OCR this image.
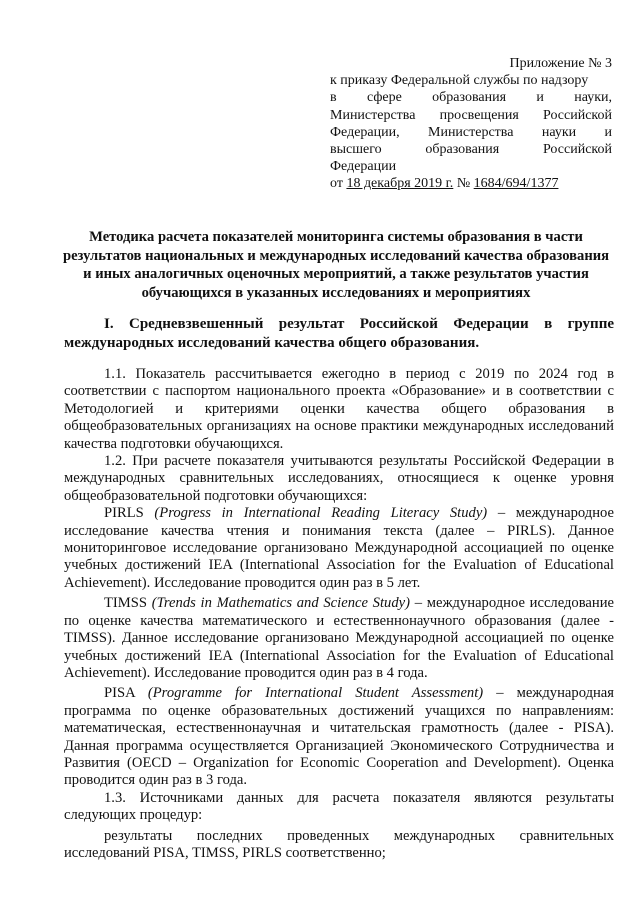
Приложение № 3
к приказу Федеральной службы по надзору
в сфере образования и науки,
Министерства просвещения Российской
Федерации, Министерства науки и
высшего образования Российской
Федерации
от 18 декабря 2019 г. № 1684/694/1377
Методика расчета показателей мониторинга системы образования в части результатов национальных и международных исследований качества образования и иных аналогичных оценочных мероприятий, а также результатов участия обучающихся в указанных исследованиях и мероприятиях
I. Средневзвешенный результат Российской Федерации в группе международных исследований качества общего образования.

1.1. Показатель рассчитывается ежегодно в период с 2019 по 2024 год в соответствии с паспортом национального проекта «Образование» и в соответствии с Методологией и критериями оценки качества общего образования в общеобразовательных организациях на основе практики международных исследований качества подготовки обучающихся.

1.2. При расчете показателя учитываются результаты Российской Федерации в международных сравнительных исследованиях, относящиеся к оценке уровня общеобразовательной подготовки обучающихся:

PIRLS (Progress in International Reading Literacy Study) – международное исследование качества чтения и понимания текста (далее – PIRLS). Данное мониторинговое исследование организовано Международной ассоциацией по оценке учебных достижений IEA (International Association for the Evaluation of Educational Achievement). Исследование проводится один раз в 5 лет.

TIMSS (Trends in Mathematics and Science Study) – международное исследование по оценке качества математического и естественнонаучного образования (далее - TIMSS). Данное исследование организовано Международной ассоциацией по оценке учебных достижений IEA (International Association for the Evaluation of Educational Achievement). Исследование проводится один раз в 4 года.

PISA (Programme for International Student Assessment) – международная программа по оценке образовательных достижений учащихся по направлениям: математическая, естественнонаучная и читательская грамотность (далее - PISA). Данная программа осуществляется Организацией Экономического Сотрудничества и Развития (OECD – Organization for Economic Cooperation and Development). Оценка проводится один раз в 3 года.

1.3. Источниками данных для расчета показателя являются результаты следующих процедур:

результаты последних проведенных международных сравнительных исследований PISA, TIMSS, PIRLS соответственно;
